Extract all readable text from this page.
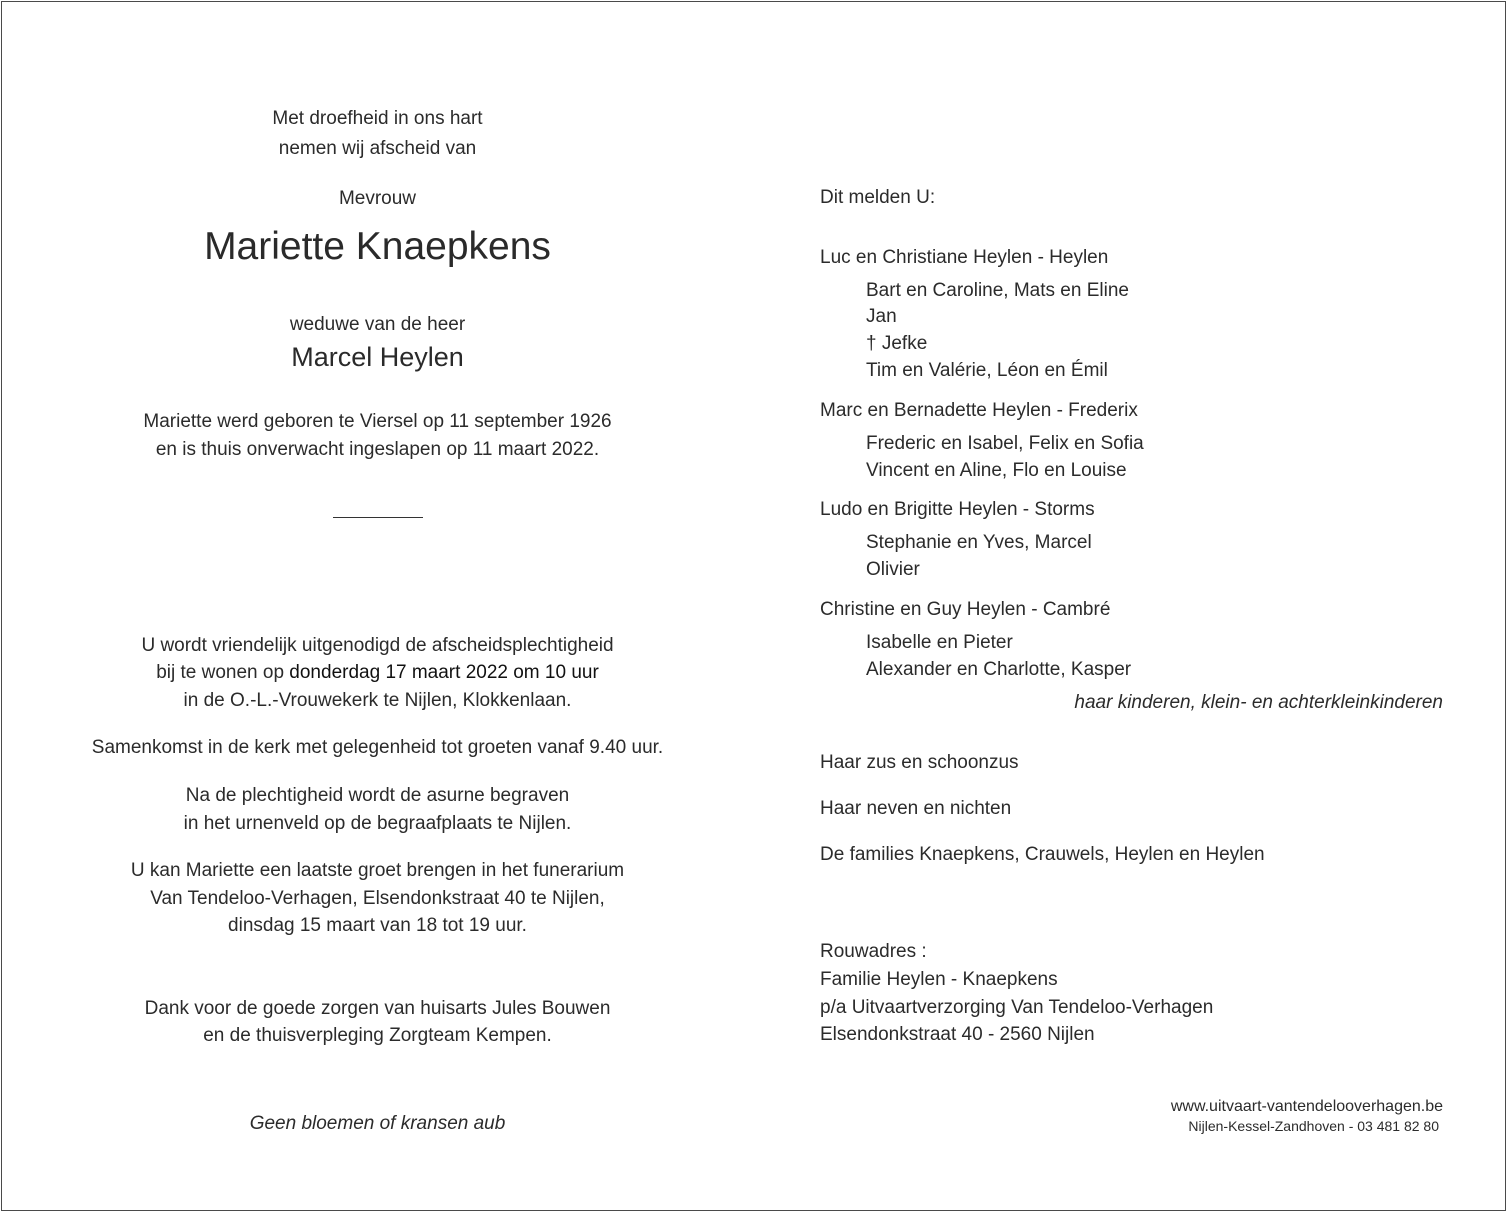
Met droefheid in ons hart
nemen wij afscheid van
Mevrouw
Mariette Knaepkens
weduwe van de heer
Marcel Heylen
Mariette werd geboren te Viersel op 11 september 1926
en is thuis onverwacht ingeslapen op 11 maart 2022.
U wordt vriendelijk uitgenodigd de afscheidsplechtigheid
bij te wonen op donderdag 17 maart 2022 om 10 uur
in de O.-L.-Vrouwekerk te Nijlen, Klokkenlaan.
Samenkomst in de kerk met gelegenheid tot groeten vanaf 9.40 uur.
Na de plechtigheid wordt de asurne begraven
in het urnenveld op de begraafplaats te Nijlen.
U kan Mariette een laatste groet brengen in het funerarium
Van Tendeloo-Verhagen, Elsendonkstraat 40 te Nijlen,
dinsdag 15 maart van 18 tot 19 uur.
Dank voor de goede zorgen van huisarts Jules Bouwen
en de thuisverpleging Zorgteam Kempen.
Geen bloemen of kransen aub
Dit melden U:
Luc en Christiane Heylen - Heylen
Bart en Caroline, Mats en Eline
Jan
† Jefke
Tim en Valérie, Léon en Émil
Marc en Bernadette Heylen - Frederix
Frederic en Isabel, Felix en Sofia
Vincent en Aline, Flo en Louise
Ludo en Brigitte Heylen - Storms
Stephanie en Yves, Marcel
Olivier
Christine en Guy Heylen - Cambré
Isabelle en Pieter
Alexander en Charlotte, Kasper
haar kinderen, klein- en achterkleinkinderen
Haar zus en schoonzus
Haar neven en nichten
De families Knaepkens, Crauwels, Heylen en Heylen
Rouwadres :
Familie Heylen - Knaepkens
p/a Uitvaartverzorging Van Tendeloo-Verhagen
Elsendonkstraat 40 - 2560 Nijlen
www.uitvaart-vantendelooverhagen.be
Nijlen-Kessel-Zandhoven - 03 481 82 80
